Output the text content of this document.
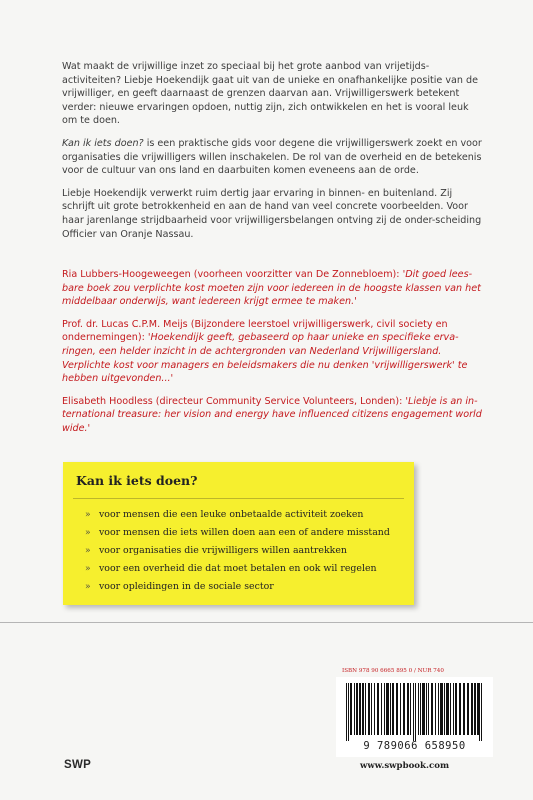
Wat maakt de vrijwillige inzet zo speciaal bij het grote aanbod van vrijetijds-activiteiten? Liebje Hoekendijk gaat uit van de unieke en onafhankelijke positie van de vrijwilliger, en geeft daarnaast de grenzen daarvan aan. Vrijwilligerswerk betekent verder: nieuwe ervaringen opdoen, nuttig zijn, zich ontwikkelen en het is vooral leuk om te doen.

Kan ik iets doen? is een praktische gids voor degene die vrijwilligerswerk zoekt en voor organisaties die vrijwilligers willen inschakelen. De rol van de overheid en de betekenis voor de cultuur van ons land en daarbuiten komen eveneens aan de orde.

Liebje Hoekendijk verwerkt ruim dertig jaar ervaring in binnen- en buitenland. Zij schrijft uit grote betrokkenheid en aan de hand van veel concrete voorbeelden. Voor haar jarenlange strijdbaarheid voor vrijwilligersbelangen ontving zij de onder-scheiding Officier van Oranje Nassau.

Ria Lubbers-Hoogeweegen (voorheen voorzitter van De Zonnebloem): 'Dit goed lees-bare boek zou verplichte kost moeten zijn voor iedereen in de hoogste klassen van het middelbaar onderwijs, want iedereen krijgt ermee te maken.'

Prof. dr. Lucas C.P.M. Meijs (Bijzondere leerstoel vrijwilligerswerk, civil society en ondernemingen): 'Hoekendijk geeft, gebaseerd op haar unieke en specifieke erva-ringen, een helder inzicht in de achtergronden van Nederland Vrijwilligersland. Verplichte kost voor managers en beleidsmakers die nu denken 'vrijwilligerswerk' te hebben uitgevonden...'

Elisabeth Hoodless (directeur Community Service Volunteers, Londen): 'Liebje is an in-ternational treasure: her vision and energy have influenced citizens engagement world wide.'

Kan ik iets doen?
» voor mensen die een leuke onbetaalde activiteit zoeken
» voor mensen die iets willen doen aan een of andere misstand
» voor organisaties die vrijwilligers willen aantrekken
» voor een overheid die dat moet betalen en ook wil regelen
» voor opleidingen in de sociale sector
ISBN 978 90 6665 895 0 / NUR 740
9 789066 658950
SWP	www.swpbook.com
